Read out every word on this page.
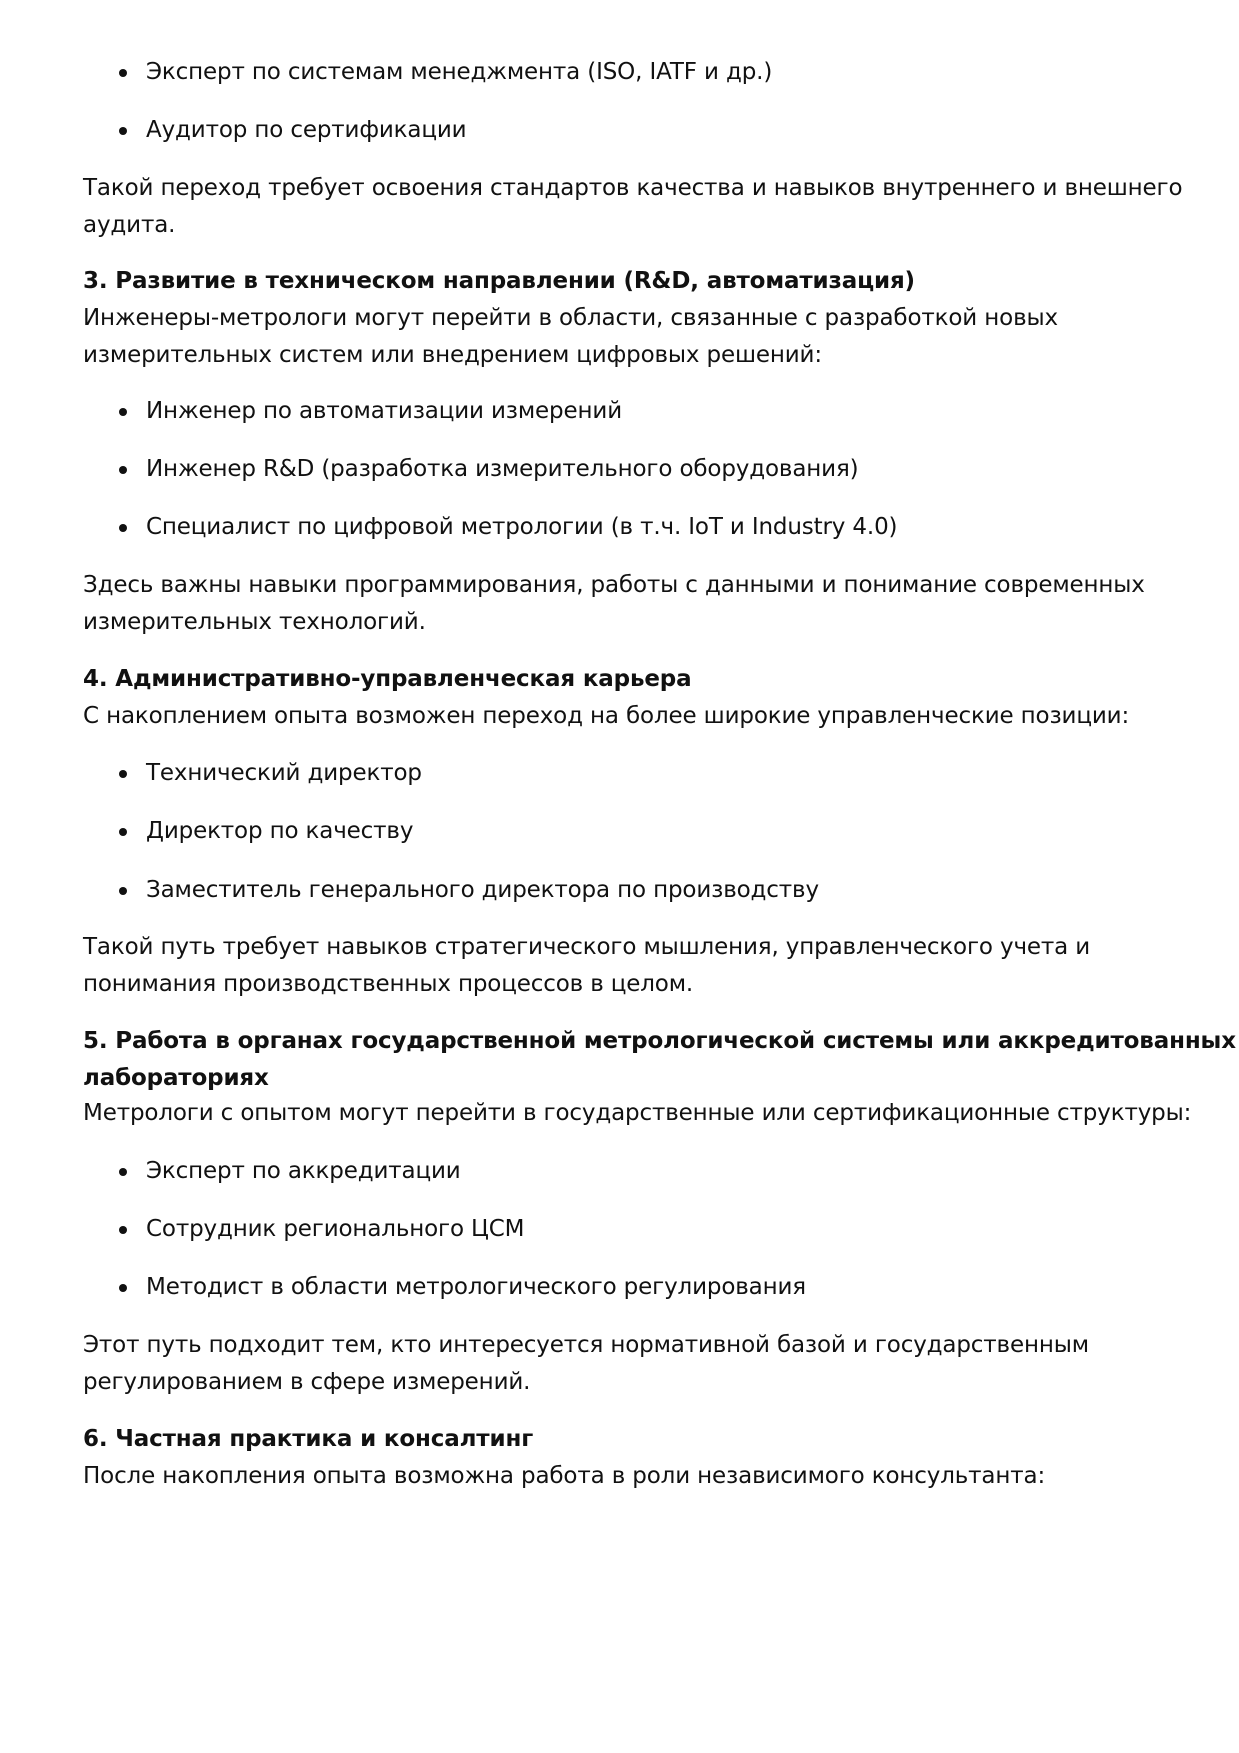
Эксперт по системам менеджмента (ISO, IATF и др.)
Аудитор по сертификации
Такой переход требует освоения стандартов качества и навыков внутреннего и внешнего
аудита.
3. Развитие в техническом направлении (R&D, автоматизация)
Инженеры-метрологи могут перейти в области, связанные с разработкой новых
измерительных систем или внедрением цифровых решений:
Инженер по автоматизации измерений
Инженер R&D (разработка измерительного оборудования)
Специалист по цифровой метрологии (в т.ч. IoT и Industry 4.0)
Здесь важны навыки программирования, работы с данными и понимание современных
измерительных технологий.
4. Административно-управленческая карьера
С накоплением опыта возможен переход на более широкие управленческие позиции:
Технический директор
Директор по качеству
Заместитель генерального директора по производству
Такой путь требует навыков стратегического мышления, управленческого учета и
понимания производственных процессов в целом.
5. Работа в органах государственной метрологической системы или аккредитованных
лабораториях
Метрологи с опытом могут перейти в государственные или сертификационные структуры:
Эксперт по аккредитации
Сотрудник регионального ЦСМ
Методист в области метрологического регулирования
Этот путь подходит тем, кто интересуется нормативной базой и государственным
регулированием в сфере измерений.
6. Частная практика и консалтинг
После накопления опыта возможна работа в роли независимого консультанта:
